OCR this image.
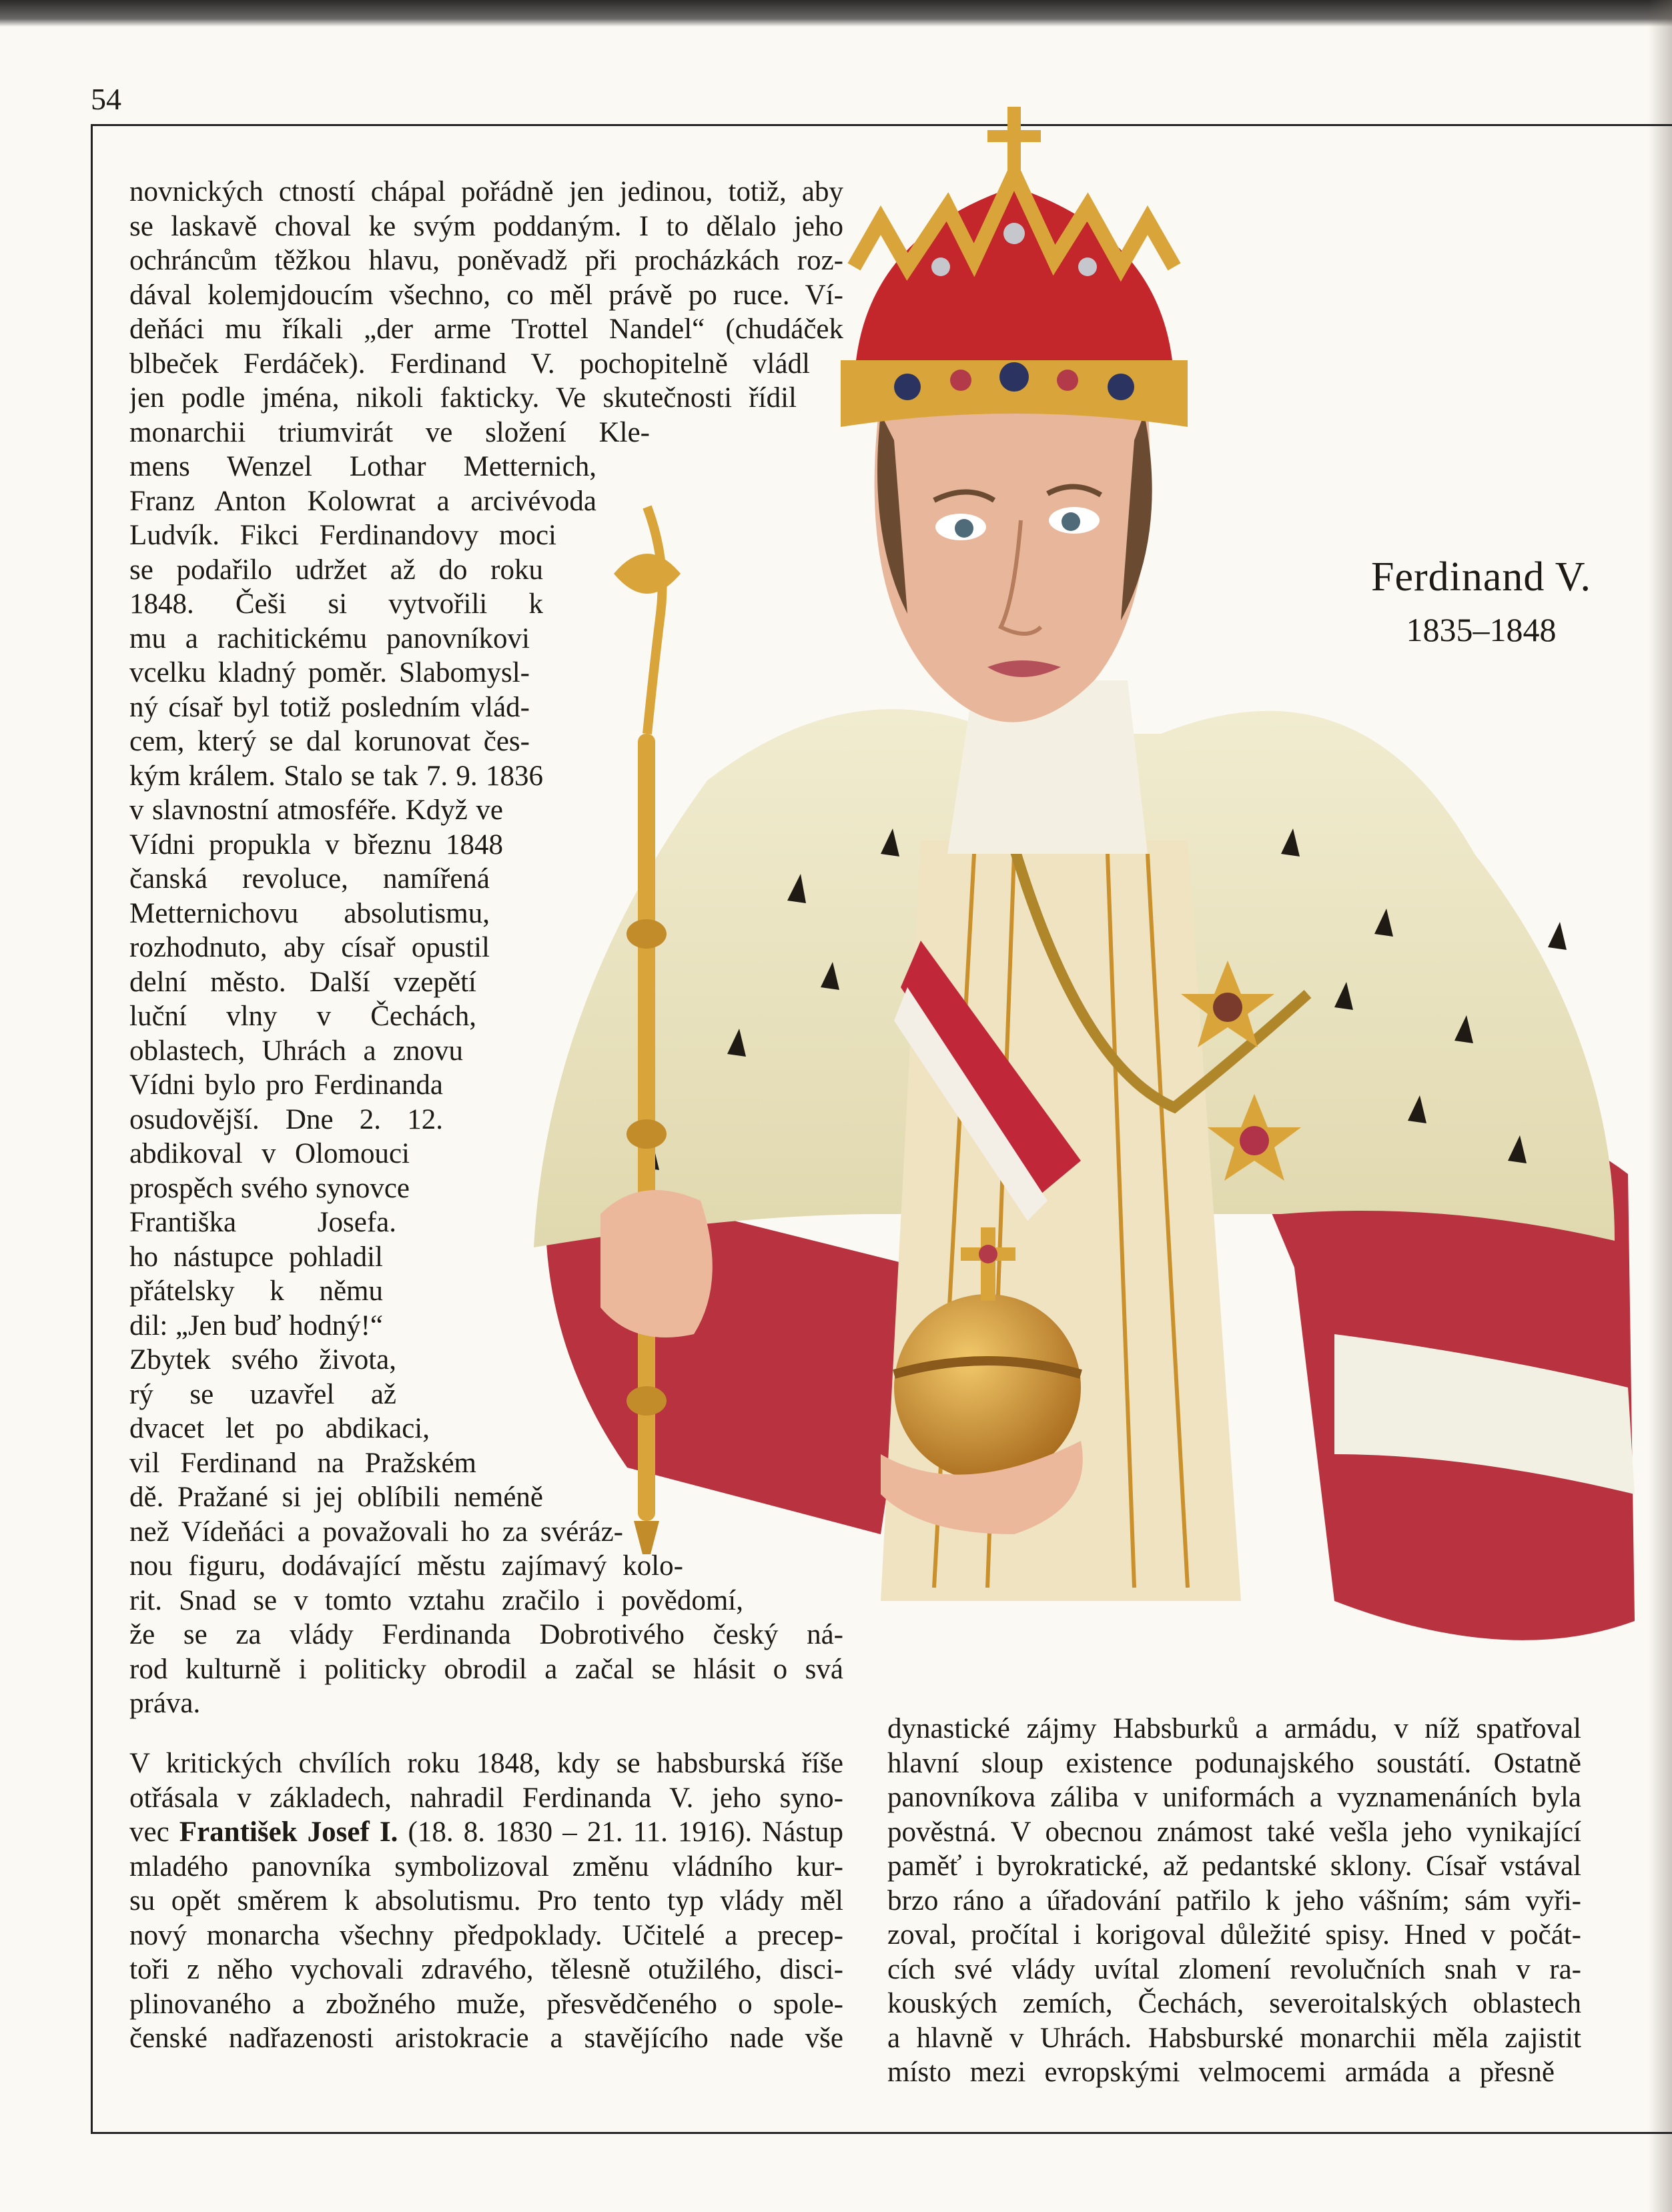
54
Ferdinand V.
1835–1848
novnických ctností chápal pořádně jen jedinou, totiž, aby
se laskavě choval ke svým poddaným. I to dělalo jeho
ochráncům těžkou hlavu, poněvadž při procházkách roz-
dával kolemjdoucím všechno, co měl právě po ruce. Ví-
deňáci mu říkali „der arme Trottel Nandel“ (chudáček
blbeček Ferdáček). Ferdinand V. pochopitelně vládl
jen podle jména, nikoli fakticky. Ve skutečnosti řídil
monarchii triumvirát ve složení Kle-
mens Wenzel Lothar Metternich,
Franz Anton Kolowrat a arcivévoda
Ludvík. Fikci Ferdinandovy moci
se podařilo udržet až do roku
1848. Češi si vytvořili k
mu a rachitickému panovníkovi
vcelku kladný poměr. Slabomysl-
ný císař byl totiž posledním vlád-
cem, který se dal korunovat čes-
kým králem. Stalo se tak 7. 9. 1836
v slavnostní atmosféře. Když ve
Vídni propukla v březnu 1848
čanská revoluce, namířená
Metternichovu absolutismu,
rozhodnuto, aby císař opustil
delní město. Další vzepětí
luční vlny v Čechách,
oblastech, Uhrách a znovu
Vídni bylo pro Ferdinanda
osudovější. Dne 2. 12.
abdikoval v Olomouci
prospěch svého synovce
Františka Josefa.
ho nástupce pohladil
přátelsky k němu
dil: „Jen buď hodný!“
Zbytek svého života,
rý se uzavřel až
dvacet let po abdikaci,
vil Ferdinand na Pražském
dě. Pražané si jej oblíbili neméně
než Vídeňáci a považovali ho za svéráz-
nou figuru, dodávající městu zajímavý kolo-
rit. Snad se v tomto vztahu zračilo i povědomí,
že se za vlády Ferdinanda Dobrotivého český ná-
rod kulturně i politicky obrodil a začal se hlásit o svá
práva.
V kritických chvílích roku 1848, kdy se habsburská říše
otřásala v základech, nahradil Ferdinanda V. jeho syno-
vec František Josef I. (18. 8. 1830 – 21. 11. 1916). Nástup
mladého panovníka symbolizoval změnu vládního kur-
su opět směrem k absolutismu. Pro tento typ vlády měl
nový monarcha všechny předpoklady. Učitelé a precep-
toři z něho vychovali zdravého, tělesně otužilého, disci-
plinovaného a zbožného muže, přesvědčeného o spole-
čenské nadřazenosti aristokracie a stavějícího nade vše
dynastické zájmy Habsburků a armádu, v níž spatřoval
hlavní sloup existence podunajského soustátí. Ostatně
panovníkova záliba v uniformách a vyznamenáních byla
pověstná. V obecnou známost také vešla jeho vynikající
paměť i byrokratické, až pedantské sklony. Císař vstával
brzo ráno a úřadování patřilo k jeho vášním; sám vyři-
zoval, pročítal i korigoval důležité spisy. Hned v počát-
cích své vlády uvítal zlomení revolučních snah v ra-
kouských zemích, Čechách, severoitalských oblastech
a hlavně v Uhrách. Habsburské monarchii měla zajistit
místo mezi evropskými velmocemi armáda a přesně
